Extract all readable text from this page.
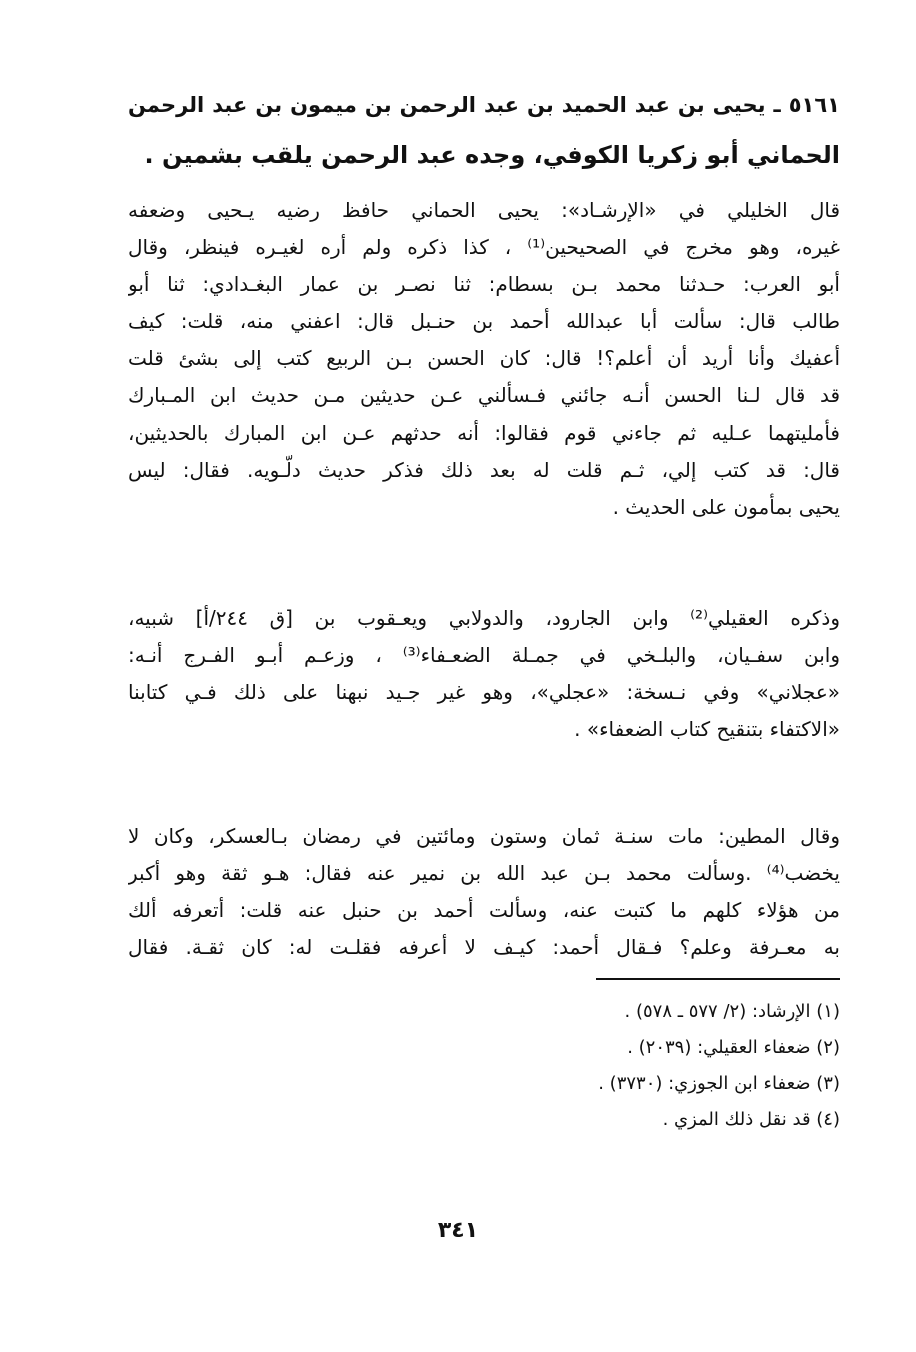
٥١٦١ ـ يحيى بن عبد الحميد بن عبد الرحمن بن ميمون بن عبد الرحمن
الحماني أبو زكريا الكوفي، وجده عبد الرحمن يلقب بشمين .
قال الخليلي في «الإرشـاد»: يحيى الحماني حافظ رضيه يـحيى وضعفه
غيره، وهو مخرج في الصحيحين⁽¹⁾ ، كذا ذكره ولم أره لغيـره فينظر، وقال
أبو العرب: حـدثنا محمد بـن بسطام: ثنا نصـر بن عمار البغـدادي: ثنا أبو
طالب قال: سألت أبا عبدالله أحمد بن حنـبل قال: اعفني منه، قلت: كيف
أعفيك وأنا أريد أن أعلم؟! قال: كان الحسن بـن الربيع كتب إلى بشئ قلت
قد قال لـنا الحسن أنـه جائني فـسألني عـن حديثين مـن حديث ابن المـبارك
فأمليتهما عـليه ثم جاءني قوم فقالوا: أنه حدثهم عـن ابن المبارك بالحديثين،
قال: قد كتب إلي، ثـم قلت له بعد ذلك فذكر حديث دلّـويه. فقال: ليس
يحيى بمأمون على الحديث .
وذكره العقيلي⁽²⁾ وابن الجارود، والدولابي ويعـقوب بن [ق ٢٤٤/أ] شبيه،
وابن سفـيان، والبلـخي في جمـلة الضعـفاء⁽³⁾ ، وزعـم أبـو الفـرج أنـه:
«عجلاني» وفي نـسخة: «عجلي»، وهو غير جـيد نبهنا على ذلك فـي كتابنا
«الاكتفاء بتنقيح كتاب الضعفاء» .
وقال المطين: مات سنـة ثمان وستون ومائتين في رمضان بـالعسكر، وكان لا
يخضب⁽⁴⁾ .وسألت محمد بـن عبد الله بن نمير عنه فقال: هـو ثقة وهو أكبر
من هؤلاء كلهم ما كتبت عنه، وسألت أحمد بن حنبل عنه قلت: أتعرفه ألك
به معـرفة وعلم؟ فـقال أحمد: كيـف لا أعرفه فقلـت له: كان ثقـة. فقال
(١) الإرشاد: (٢/ ٥٧٧ ـ ٥٧٨) .
(٢) ضعفاء العقيلي: (٢٠٣٩) .
(٣) ضعفاء ابن الجوزي: (٣٧٣٠) .
(٤) قد نقل ذلك المزي .
٣٤١
